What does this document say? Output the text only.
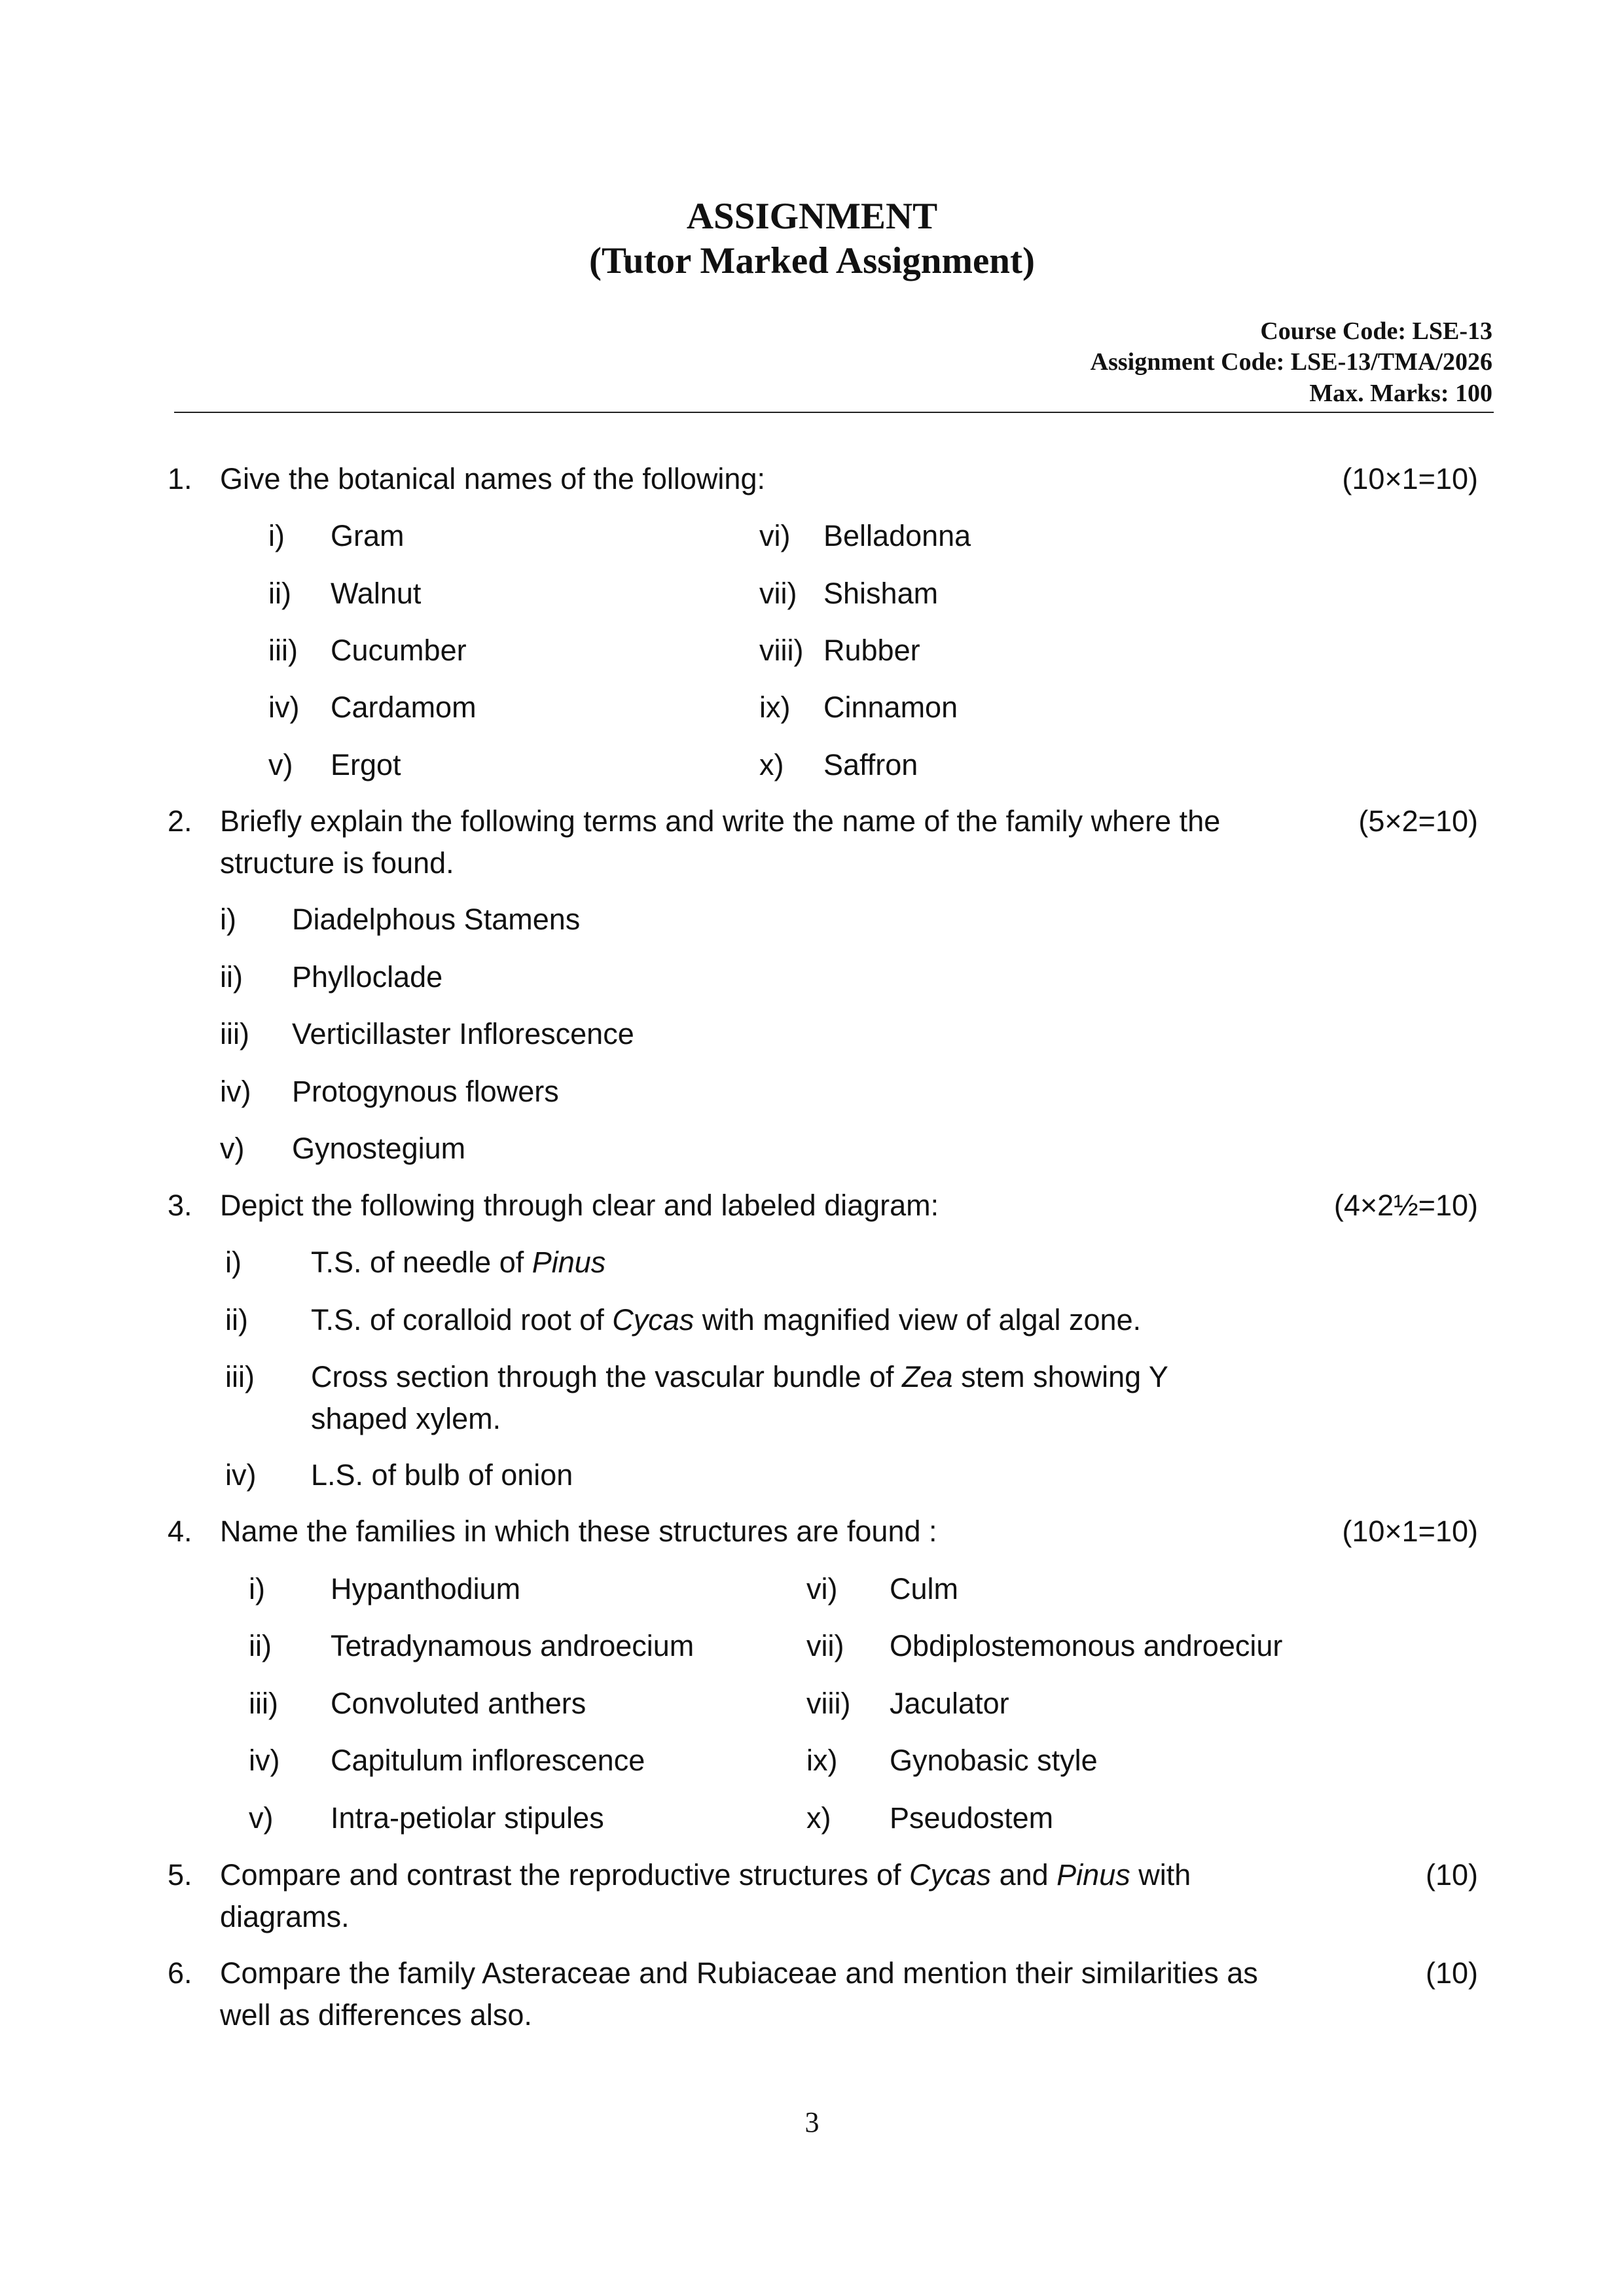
ASSIGNMENT
(Tutor Marked Assignment)
Course Code: LSE-13
Assignment Code: LSE-13/TMA/2026
Max. Marks: 100
1. Give the botanical names of the following:	(10×1=10)
i) Gram
ii) Walnut
iii) Cucumber
iv) Cardamom
v) Ergot
vi) Belladonna
vii) Shisham
viii) Rubber
ix) Cinnamon
x) Saffron
2. Briefly explain the following terms and write the name of the family where the structure is found.
(5×2=10)
i) Diadelphous Stamens
ii) Phylloclade
iii) Verticillaster Inflorescence
iv) Protogynous flowers
v) Gynostegium
3. Depict the following through clear and labeled diagram:	(4×2½=10)
i) T.S. of needle of Pinus
ii) T.S. of coralloid root of Cycas with magnified view of algal zone.
iii) Cross section through the vascular bundle of Zea stem showing Y shaped xylem.
iv) L.S. of bulb of onion
4. Name the families in which these structures are found :	(10×1=10)
i) Hypanthodium
ii) Tetradynamous androecium
iii) Convoluted anthers
iv) Capitulum inflorescence
v) Intra-petiolar stipules
vi) Culm
vii) Obdiplostemonous androeciur
viii) Jaculator
ix) Gynobasic style
x) Pseudostem
5. Compare and contrast the reproductive structures of Cycas and Pinus with diagrams.
(10)
6. Compare the family Asteraceae and Rubiaceae and mention their similarities as well as differences also.
(10)
3
